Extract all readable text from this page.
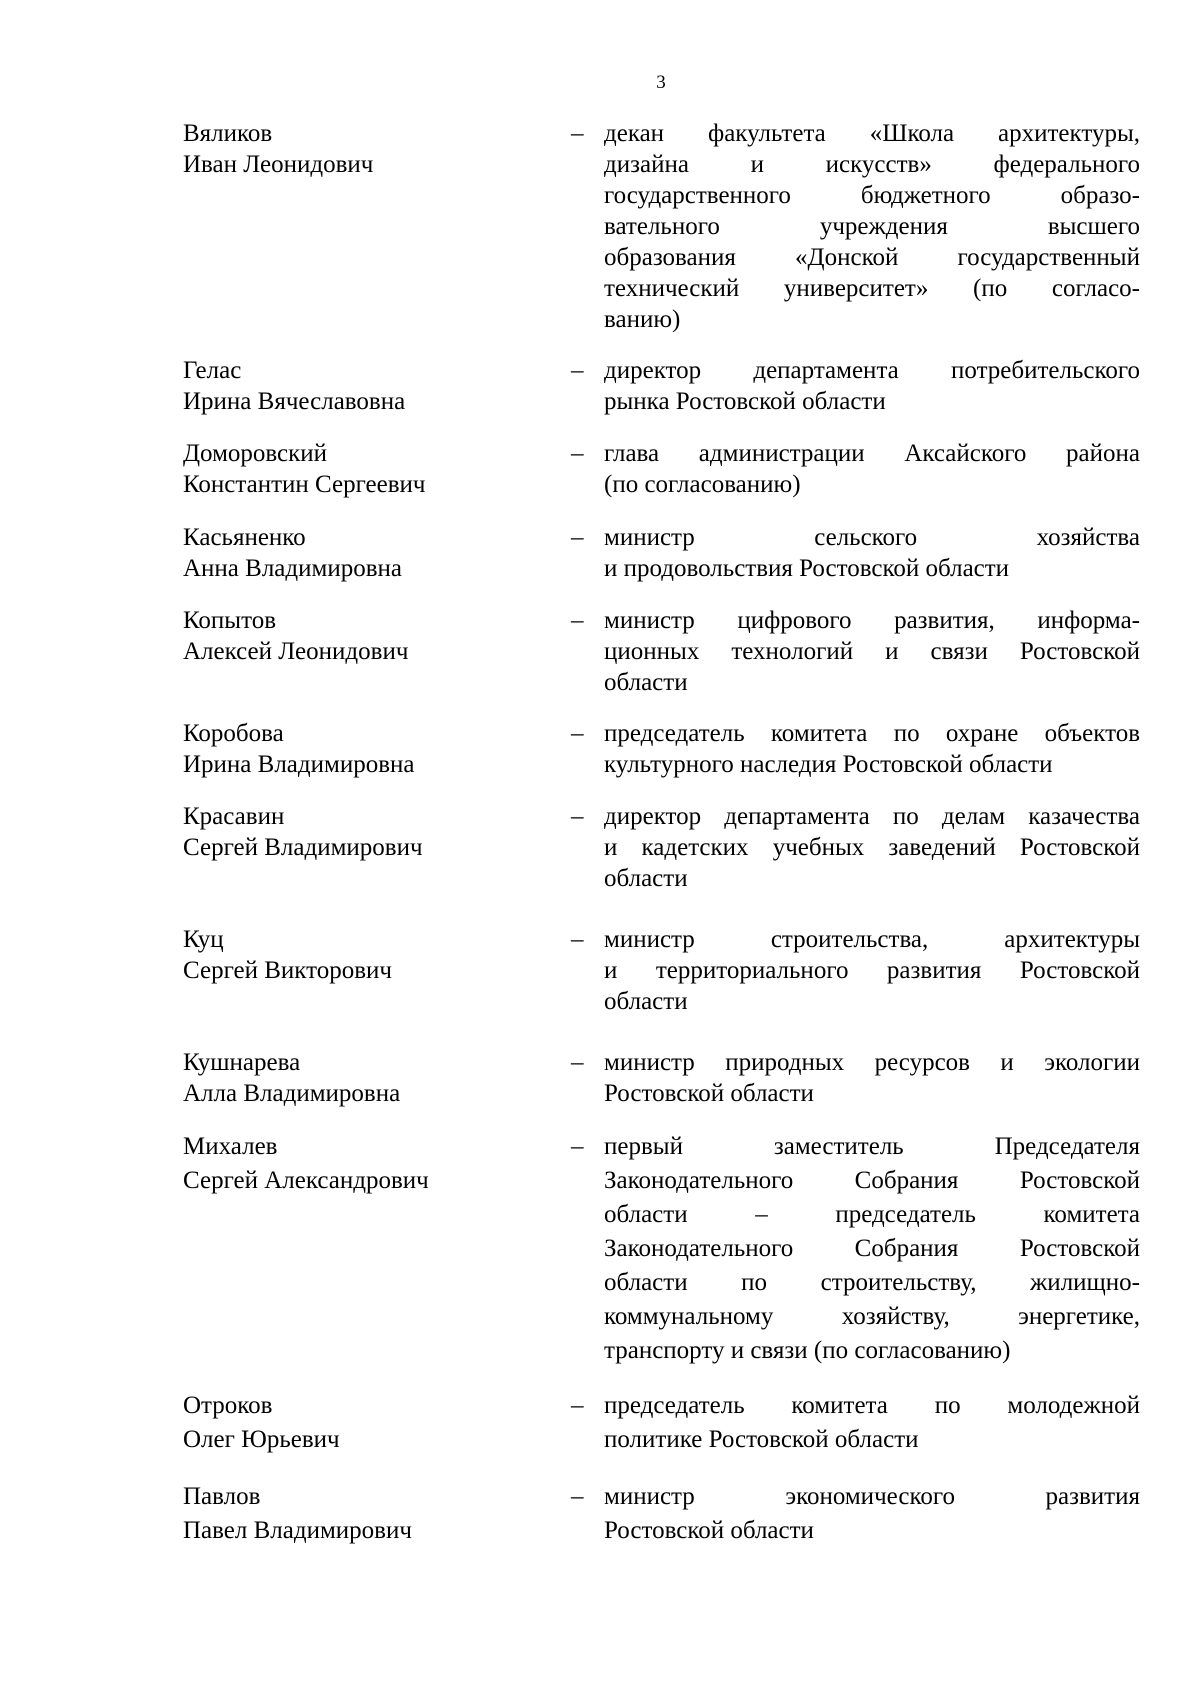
3
Вяликов
Иван Леонидович
– декан факультета «Школа архитектуры,
дизайна и искусств» федерального
государственного бюджетного образо-
вательного учреждения высшего
образования «Донской государственный
технический университет» (по согласо-
ванию)
Гелас
Ирина Вячеславовна
– директор департамента потребительского
рынка Ростовской области
Доморовский
Константин Сергеевич
– глава администрации Аксайского района
(по согласованию)
Касьяненко
Анна Владимировна
– министр сельского хозяйства
и продовольствия Ростовской области
Копытов
Алексей Леонидович
– министр цифрового развития, информа-
ционных технологий и связи Ростовской
области
Коробова
Ирина Владимировна
– председатель комитета по охране объектов
культурного наследия Ростовской области
Красавин
Сергей Владимирович
– директор департамента по делам казачества
и кадетских учебных заведений Ростовской
области
Куц
Сергей Викторович
– министр строительства, архитектуры
и территориального развития Ростовской
области
Кушнарева
Алла Владимировна
– министр природных ресурсов и экологии
Ростовской области
Михалев
Сергей Александрович
– первый заместитель Председателя
Законодательного Собрания Ростовской
области – председатель комитета
Законодательного Собрания Ростовской
области по строительству, жилищно-
коммунальному хозяйству, энергетике,
транспорту и связи (по согласованию)
Отроков
Олег Юрьевич
– председатель комитета по молодежной
политике Ростовской области
Павлов
Павел Владимирович
– министр экономического развития
Ростовской области
